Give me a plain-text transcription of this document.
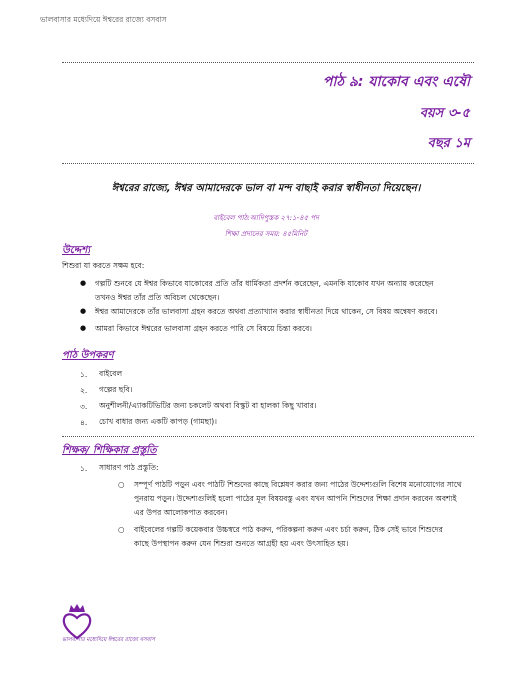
ভালবাসার মধ্যেদিয়ে ঈশ্বরের রাজ্যে বসবাস
পাঠ ৯: যাকোব এবং এষৌ
বয়স ৩-৫
বছর ১ম
ঈশ্বরের রাজ্যে, ঈশ্বর আমাদেরকে ভাল বা মন্দ বাছাই করার স্বাধীনতা দিয়েছেন।
বাইবেল পাঠ:আদিপুস্তক ২৭:১-৪৫ পদ
শিক্ষা প্রদানের সময়: ৪৫মিনিট
উদ্দেশ্য
শিশুরা যা করতে সক্ষম হবে:
● গল্পটি শুনবে যে ঈশ্বর কিভাবে যাকোবের প্রতি তাঁর ধার্মিকতা প্রদর্শন করেছেন, এমনকি যাকোব যখন অন্যায় করেছেন
তখনও ঈশ্বর তাঁর প্রতি অবিচল থেকেছেন।
● ঈশ্বর আমাদেরকে তাঁর ভালবাসা গ্রহন করতে অথবা প্রত্যাখ্যান করার স্বাধীনতা দিয়ে থাকেন, সে বিষয় অন্বেষণ করবে।
● আমরা কিভাবে ঈশ্বরের ভালবাসা গ্রহন করতে পারি সে বিষয়ে চিন্তা করবে।
পাঠ উপকরণ
১. বাইবেল
২. গল্পের ছবি।
৩. অনুশীলনী/এ্যাকটিভিটির জন্য চকলেট অথবা বিস্কুট বা হালকা কিছু খাবার।
৪. চোখ বাধার জন্য একটি কাপড় (গামছা)।
শিক্ষক/ শিক্ষিকার প্রস্তুতি
১. সাধারণ পাঠ প্রস্তুতি:
○ সম্পূর্ণ পাঠটি পড়ুন এবং পাঠটি শিশুদের কাছে বিশ্লেষণ করার জন্য পাঠের উদ্দেশ্যগুলি বিশেষ মনোযোগের সাথে
পুনরায় পড়ুন। উদ্দেশ্যগুলিই হলো পাঠের মূল বিষয়বস্তু এবং যখন আপনি শিশুদের শিক্ষা প্রদান করবেন অবশ্যই
এর উপর আলোকপাত করবেন।
○ বাইবেলের গল্পটি কয়েকবার উচ্চস্বরে পাঠ করুন, পরিকল্পনা করুন এবং চর্চা করুন, ঠিক সেই ভাবে শিশুদের
কাছে উপস্থাপন করুন যেন শিশুরা শুনতে আগ্রহী হয় এবং উৎসাহিত হয়।
ভালবাসার মধ্যেদিয়ে ঈশ্বরের রাজ্যে বসবাস
